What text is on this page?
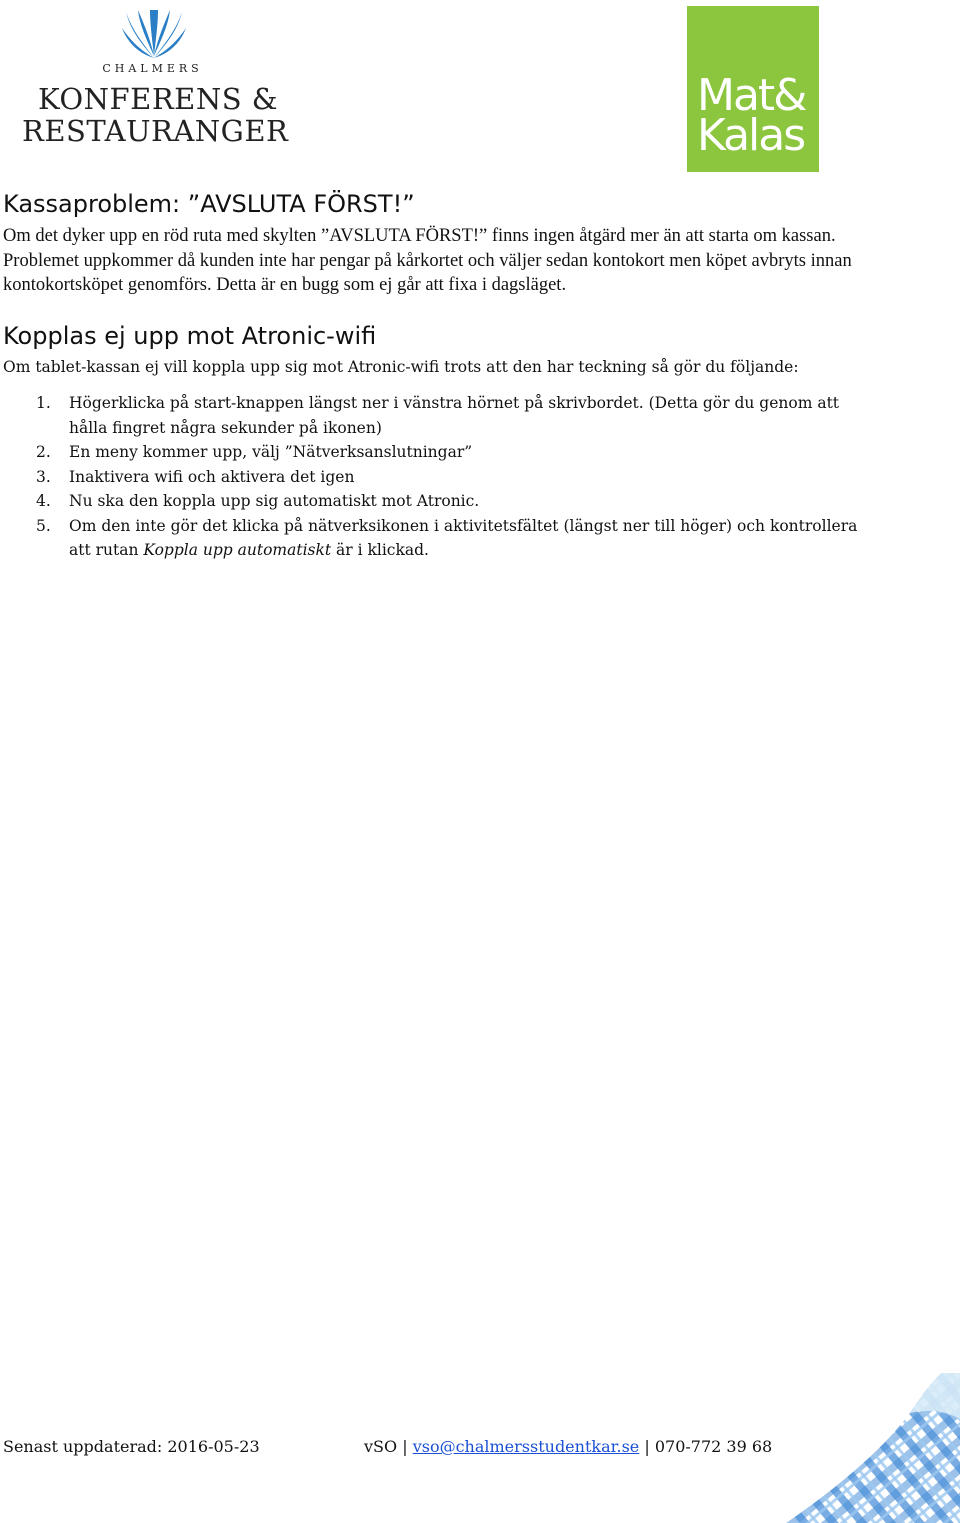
CHALMERS
KONFERENS &
RESTAURANGER
Mat&
Kalas
Kassaproblem: ”AVSLUTA FÖRST!”

Om det dyker upp en röd ruta med skylten ”AVSLUTA FÖRST!” finns ingen åtgärd mer än att starta om kassan. Problemet uppkommer då kunden inte har pengar på kårkortet och väljer sedan kontokort men köpet avbryts innan kontokortsköpet genomförs. Detta är en bugg som ej går att fixa i dagsläget.

Kopplas ej upp mot Atronic-wifi

Om tablet-kassan ej vill koppla upp sig mot Atronic-wifi trots att den har teckning så gör du följande:

1. Högerklicka på start-knappen längst ner i vänstra hörnet på skrivbordet. (Detta gör du genom att hålla fingret några sekunder på ikonen)
2. En meny kommer upp, välj ”Nätverksanslutningar”
3. Inaktivera wifi och aktivera det igen
4. Nu ska den koppla upp sig automatiskt mot Atronic.
5. Om den inte gör det klicka på nätverksikonen i aktivitetsfältet (längst ner till höger) och kontrollera att rutan Koppla upp automatiskt är i klickad.
Senast uppdaterad: 2016-05-23	vSO | vso@chalmersstudentkar.se | 070-772 39 68
